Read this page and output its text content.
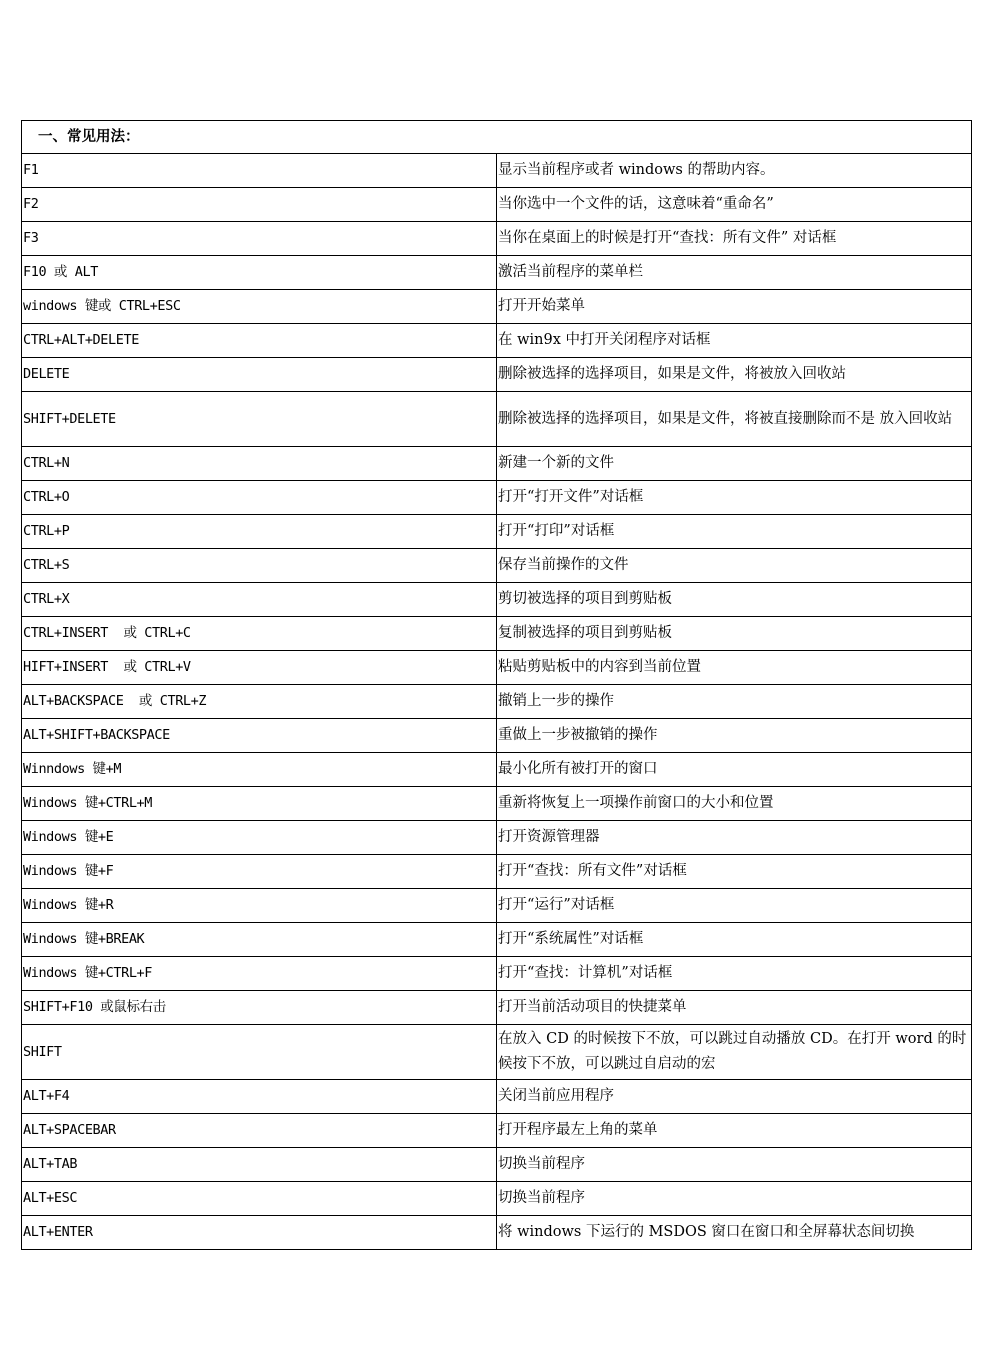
一、常见用法：	
F1	显示当前程序或者 windows 的帮助内容。
F2	当你选中一个文件的话，这意味着“重命名”
F3	当你在桌面上的时候是打开“查找：所有文件” 对话框
F10 或 ALT	激活当前程序的菜单栏
windows 键或 CTRL+ESC	打开开始菜单
CTRL+ALT+DELETE	在 win9x 中打开关闭程序对话框
DELETE	删除被选择的选择项目，如果是文件，将被放入回收站
SHIFT+DELETE	删除被选择的选择项目，如果是文件，将被直接删除而不是 放入回收站
CTRL+N	新建一个新的文件
CTRL+O	打开“打开文件”对话框
CTRL+P	打开“打印”对话框
CTRL+S	保存当前操作的文件
CTRL+X	剪切被选择的项目到剪贴板
CTRL+INSERT  或 CTRL+C	复制被选择的项目到剪贴板
HIFT+INSERT  或 CTRL+V	粘贴剪贴板中的内容到当前位置
ALT+BACKSPACE  或 CTRL+Z	撤销上一步的操作
ALT+SHIFT+BACKSPACE	重做上一步被撤销的操作
Winndows 键+M	最小化所有被打开的窗口
Windows 键+CTRL+M	重新将恢复上一项操作前窗口的大小和位置
Windows 键+E	打开资源管理器
Windows 键+F	打开“查找：所有文件”对话框
Windows 键+R	打开“运行”对话框
Windows 键+BREAK	打开“系统属性”对话框
Windows 键+CTRL+F	打开“查找：计算机”对话框
SHIFT+F10 或鼠标右击	打开当前活动项目的快捷菜单
SHIFT	在放入 CD 的时候按下不放，可以跳过自动播放 CD。在打开 word 的时候按下不放，可以跳过自启动的宏
ALT+F4	关闭当前应用程序
ALT+SPACEBAR	打开程序最左上角的菜单
ALT+TAB	切换当前程序
ALT+ESC	切换当前程序
ALT+ENTER	将 windows 下运行的 MSDOS 窗口在窗口和全屏幕状态间切换
